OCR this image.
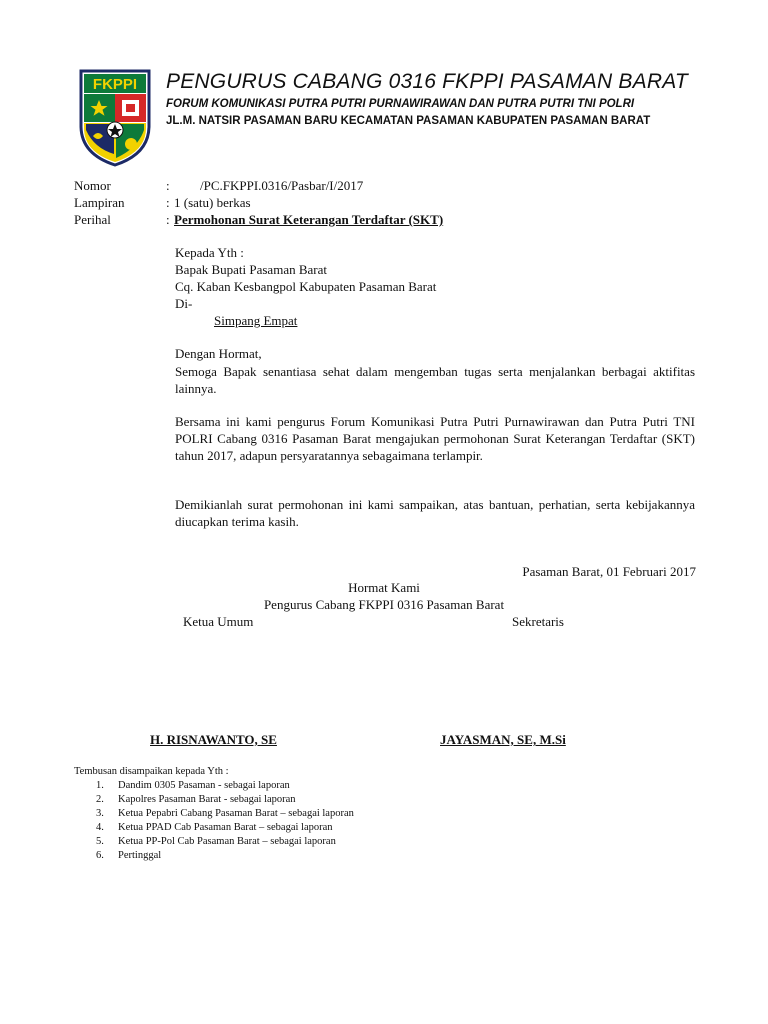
FKPPI PENGURUS CABANG 0316 FKPPI PASAMAN BARAT
FORUM KOMUNIKASI PUTRA PUTRI PURNAWIRAWAN DAN PUTRA PUTRI TNI POLRI
JL.M. NATSIR PASAMAN BARU KECAMATAN PASAMAN KABUPATEN PASAMAN BARAT
Nomor	: /PC.FKPPI.0316/Pasbar/I/2017
Lampiran	: 1 (satu) berkas
Perihal	: Permohonan Surat Keterangan Terdaftar (SKT)
Kepada Yth :
Bapak Bupati Pasaman Barat
Cq. Kaban Kesbangpol Kabupaten Pasaman Barat
Di-
Simpang Empat
Dengan Hormat,
Semoga Bapak senantiasa sehat dalam mengemban tugas serta menjalankan berbagai aktifitas lainnya.
Bersama ini kami pengurus Forum Komunikasi Putra Putri Purnawirawan dan Putra Putri TNI POLRI Cabang 0316 Pasaman Barat mengajukan permohonan Surat Keterangan Terdaftar (SKT) tahun 2017, adapun persyaratannya sebagaimana terlampir.
Demikianlah surat permohonan ini kami sampaikan, atas bantuan, perhatian, serta kebijakannya diucapkan terima kasih.
Pasaman Barat, 01 Februari 2017
Hormat Kami
Pengurus Cabang FKPPI 0316 Pasaman Barat
Ketua Umum	Sekretaris
H. RISNAWANTO, SE	JAYASMAN, SE, M.Si
Tembusan disampaikan kepada Yth :
1. Dandim 0305 Pasaman - sebagai laporan
2. Kapolres Pasaman Barat - sebagai laporan
3. Ketua Pepabri Cabang Pasaman Barat – sebagai laporan
4. Ketua PPAD Cab Pasaman Barat – sebagai laporan
5. Ketua PP-Pol Cab Pasaman Barat – sebagai laporan
6. Pertinggal
